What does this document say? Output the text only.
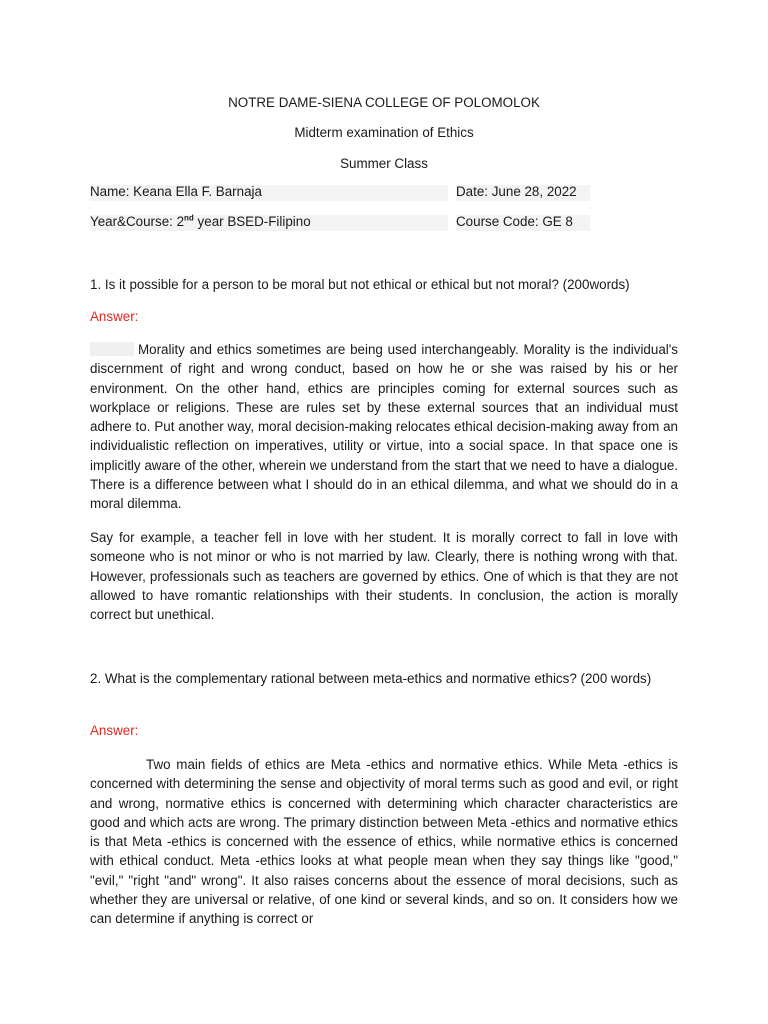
NOTRE DAME-SIENA COLLEGE OF POLOMOLOK
Midterm examination of Ethics
Summer Class
Name: Keana Ella F. Barnaja	Date: June 28, 2022
Year&Course: 2nd year BSED-Filipino	Course Code: GE 8
1. Is it possible for a person to be moral but not ethical or ethical but not moral? (200words)
Answer:

Morality and ethics sometimes are being used interchangeably. Morality is the individual's discernment of right and wrong conduct, based on how he or she was raised by his or her environment. On the other hand, ethics are principles coming for external sources such as workplace or religions. These are rules set by these external sources that an individual must adhere to. Put another way, moral decision-making relocates ethical decision-making away from an individualistic reflection on imperatives, utility or virtue, into a social space. In that space one is implicitly aware of the other, wherein we understand from the start that we need to have a dialogue. There is a difference between what I should do in an ethical dilemma, and what we should do in a moral dilemma.

Say for example, a teacher fell in love with her student. It is morally correct to fall in love with someone who is not minor or who is not married by law. Clearly, there is nothing wrong with that. However, professionals such as teachers are governed by ethics. One of which is that they are not allowed to have romantic relationships with their students. In conclusion, the action is morally correct but unethical.

2. What is the complementary rational between meta-ethics and normative ethics? (200 words)
Answer:

Two main fields of ethics are Meta -ethics and normative ethics. While Meta -ethics is concerned with determining the sense and objectivity of moral terms such as good and evil, or right and wrong, normative ethics is concerned with determining which character characteristics are good and which acts are wrong. The primary distinction between Meta -ethics and normative ethics is that Meta -ethics is concerned with the essence of ethics, while normative ethics is concerned with ethical conduct. Meta -ethics looks at what people mean when they say things like "good," "evil," "right "and" wrong". It also raises concerns about the essence of moral decisions, such as whether they are universal or relative, of one kind or several kinds, and so on. It considers how we can determine if anything is correct or
